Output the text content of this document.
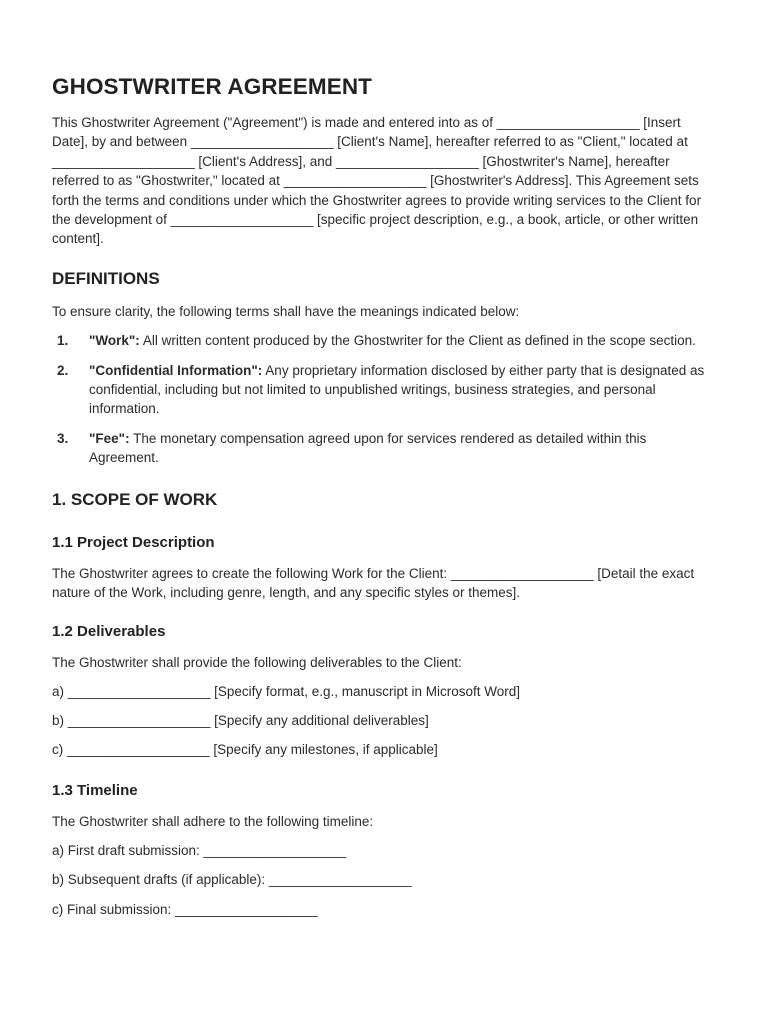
GHOSTWRITER AGREEMENT

This Ghostwriter Agreement ("Agreement") is made and entered into as of ___________________ [Insert Date], by and between ___________________ [Client's Name], hereafter referred to as "Client," located at ___________________ [Client's Address], and ___________________ [Ghostwriter's Name], hereafter referred to as "Ghostwriter," located at ___________________ [Ghostwriter's Address]. This Agreement sets forth the terms and conditions under which the Ghostwriter agrees to provide writing services to the Client for the development of ___________________ [specific project description, e.g., a book, article, or other written content].

DEFINITIONS

To ensure clarity, the following terms shall have the meanings indicated below:

1.	"Work": All written content produced by the Ghostwriter for the Client as defined in the scope section.
2.	"Confidential Information": Any proprietary information disclosed by either party that is designated as confidential, including but not limited to unpublished writings, business strategies, and personal information.
3.	"Fee": The monetary compensation agreed upon for services rendered as detailed within this Agreement.
1. SCOPE OF WORK
1.1 Project Description

The Ghostwriter agrees to create the following Work for the Client: ___________________ [Detail the exact nature of the Work, including genre, length, and any specific styles or themes].

1.2 Deliverables

The Ghostwriter shall provide the following deliverables to the Client:

a) ___________________ [Specify format, e.g., manuscript in Microsoft Word]
b) ___________________ [Specify any additional deliverables]
c) ___________________ [Specify any milestones, if applicable]
1.3 Timeline

The Ghostwriter shall adhere to the following timeline:

a) First draft submission: ___________________
b) Subsequent drafts (if applicable): ___________________
c) Final submission: ___________________
